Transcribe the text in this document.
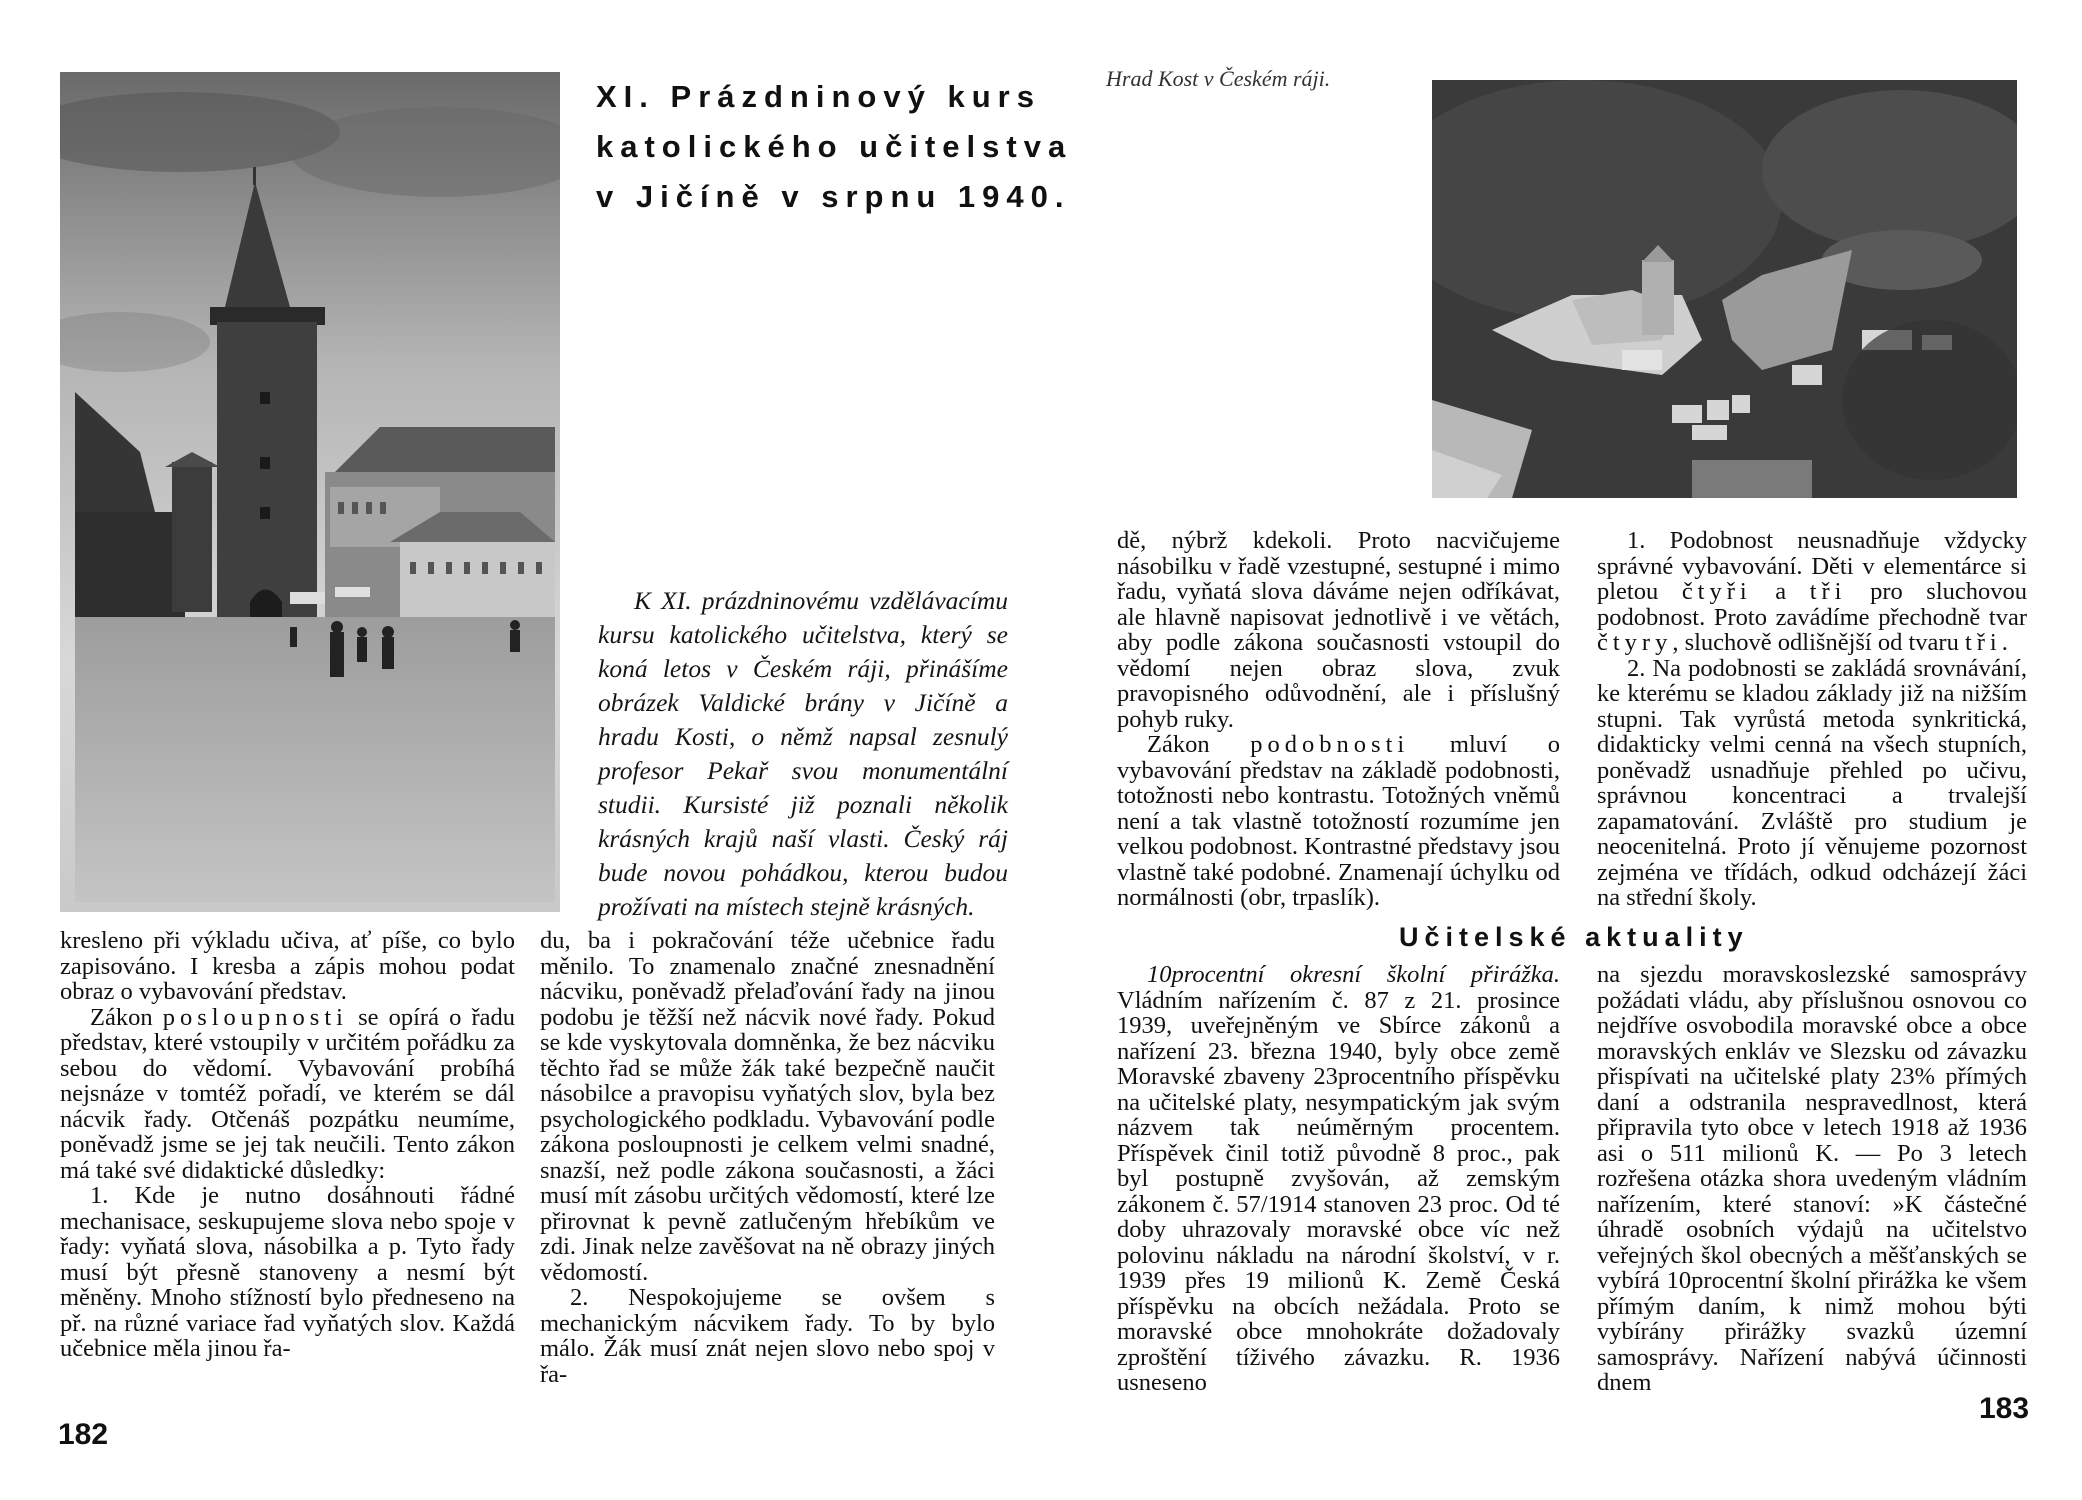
XI. Prázdninový kurs
katolického učitelstva
v Jičíně v srpnu 1940.

K XI. prázdninovému vzdělávacímu kursu katolického učitelstva, který se koná letos v Českém ráji, přinášíme obrázek Valdické brány v Jičíně a hradu Kosti, o němž napsal zesnulý profesor Pekař svou monumentální studii. Kursisté již poznali několik krásných krajů naší vlasti. Český ráj bude novou pohádkou, kterou budou prožívati na místech stejně krásných.

kresleno při výkladu učiva, ať píše, co bylo zapisováno. I kresba a zápis mohou podat obraz o vybavování představ.

Zákon posloupnosti se opírá o řadu představ, které vstoupily v určitém pořádku za sebou do vědomí. Vybavování probíhá nejsnáze v tomtéž pořadí, ve kterém se dál nácvik řady. Otčenáš pozpátku neumíme, poněvadž jsme se jej tak neučili. Tento zákon má také své didaktické důsledky:

1. Kde je nutno dosáhnouti řádné mechanisace, seskupujeme slova nebo spoje v řady: vyňatá slova, násobilka a p. Tyto řady musí být přesně stanoveny a nesmí být měněny. Mnoho stížností bylo předneseno na př. na různé variace řad vyňatých slov. Každá učebnice měla jinou řa-

du, ba i pokračování téže učebnice řadu měnilo. To znamenalo značné znesnadnění nácviku, poněvadž přelaďování řady na jinou podobu je těžší než nácvik nové řady. Pokud se kde vyskytovala domněnka, že bez nácviku těchto řad se může žák také bezpečně naučit násobilce a pravopisu vyňatých slov, byla bez psychologického podkladu. Vybavování podle zákona posloupnosti je celkem velmi snadné, snazší, než podle zákona současnosti, a žáci musí mít zásobu určitých vědomostí, které lze přirovnat k pevně zatlučeným hřebíkům ve zdi. Jinak nelze zavěšovat na ně obrazy jiných vědomostí.

2. Nespokojujeme se ovšem s mechanickým nácvikem řady. To by bylo málo. Žák musí znát nejen slovo nebo spoj v řa-

182
Hrad Kost v Českém ráji.

dě, nýbrž kdekoli. Proto nacvičujeme násobilku v řadě vzestupné, sestupné i mimo řadu, vyňatá slova dáváme nejen odříkávat, ale hlavně napisovat jednotlivě i ve větách, aby podle zákona současnosti vstoupil do vědomí nejen obraz slova, zvuk pravopisného odůvodnění, ale i příslušný pohyb ruky.

Zákon podobnosti mluví o vybavování představ na základě podobnosti, totožnosti nebo kontrastu. Totožných vněmů není a tak vlastně totožností rozumíme jen velkou podobnost. Kontrastné představy jsou vlastně také podobné. Znamenají úchylku od normálnosti (obr, trpaslík).

1. Podobnost neusnadňuje vždycky správné vybavování. Děti v elementárce si pletou čtyři a tři pro sluchovou podobnost. Proto zavádíme přechodně tvar čtyry, sluchově odlišnější od tvaru tři.

2. Na podobnosti se zakládá srovnávání, ke kterému se kladou základy již na nižším stupni. Tak vyrůstá metoda synkritická, didakticky velmi cenná na všech stupních, poněvadž usnadňuje přehled po učivu, správnou koncentraci a trvalejší zapamatování. Zvláště pro studium je neocenitelná. Proto jí věnujeme pozornost zejména ve třídách, odkud odcházejí žáci na střední školy.

Učitelské aktuality

10procentní okresní školní přirážka. Vládním nařízením č. 87 z 21. prosince 1939, uveřejněným ve Sbírce zákonů a nařízení 23. března 1940, byly obce země Moravské zbaveny 23procentního příspěvku na učitelské platy, nesympatickým jak svým názvem tak neúměrným procentem. Příspěvek činil totiž původně 8 proc., pak byl postupně zvyšován, až zemským zákonem č. 57/1914 stanoven 23 proc. Od té doby uhrazovaly moravské obce víc než polovinu nákladu na národní školství, v r. 1939 přes 19 milionů K. Země Česká příspěvku na obcích nežádala. Proto se moravské obce mnohokráte dožadovaly zproštění tíživého závazku. R. 1936 usneseno

na sjezdu moravskoslezské samosprávy požádati vládu, aby příslušnou osnovou co nejdříve osvobodila moravské obce a obce moravských enkláv ve Slezsku od závazku přispívati na učitelské platy 23% přímých daní a odstranila nespravedlnost, která připravila tyto obce v letech 1918 až 1936 asi o 511 milionů K. — Po 3 letech rozřešena otázka shora uvedeným vládním nařízením, které stanoví: »K částečné úhradě osobních výdajů na učitelstvo veřejných škol obecných a měšťanských se vybírá 10procentní školní přirážka ke všem přímým daním, k nimž mohou býti vybírány přirážky svazků územní samosprávy. Nařízení nabývá účinnosti dnem

183
